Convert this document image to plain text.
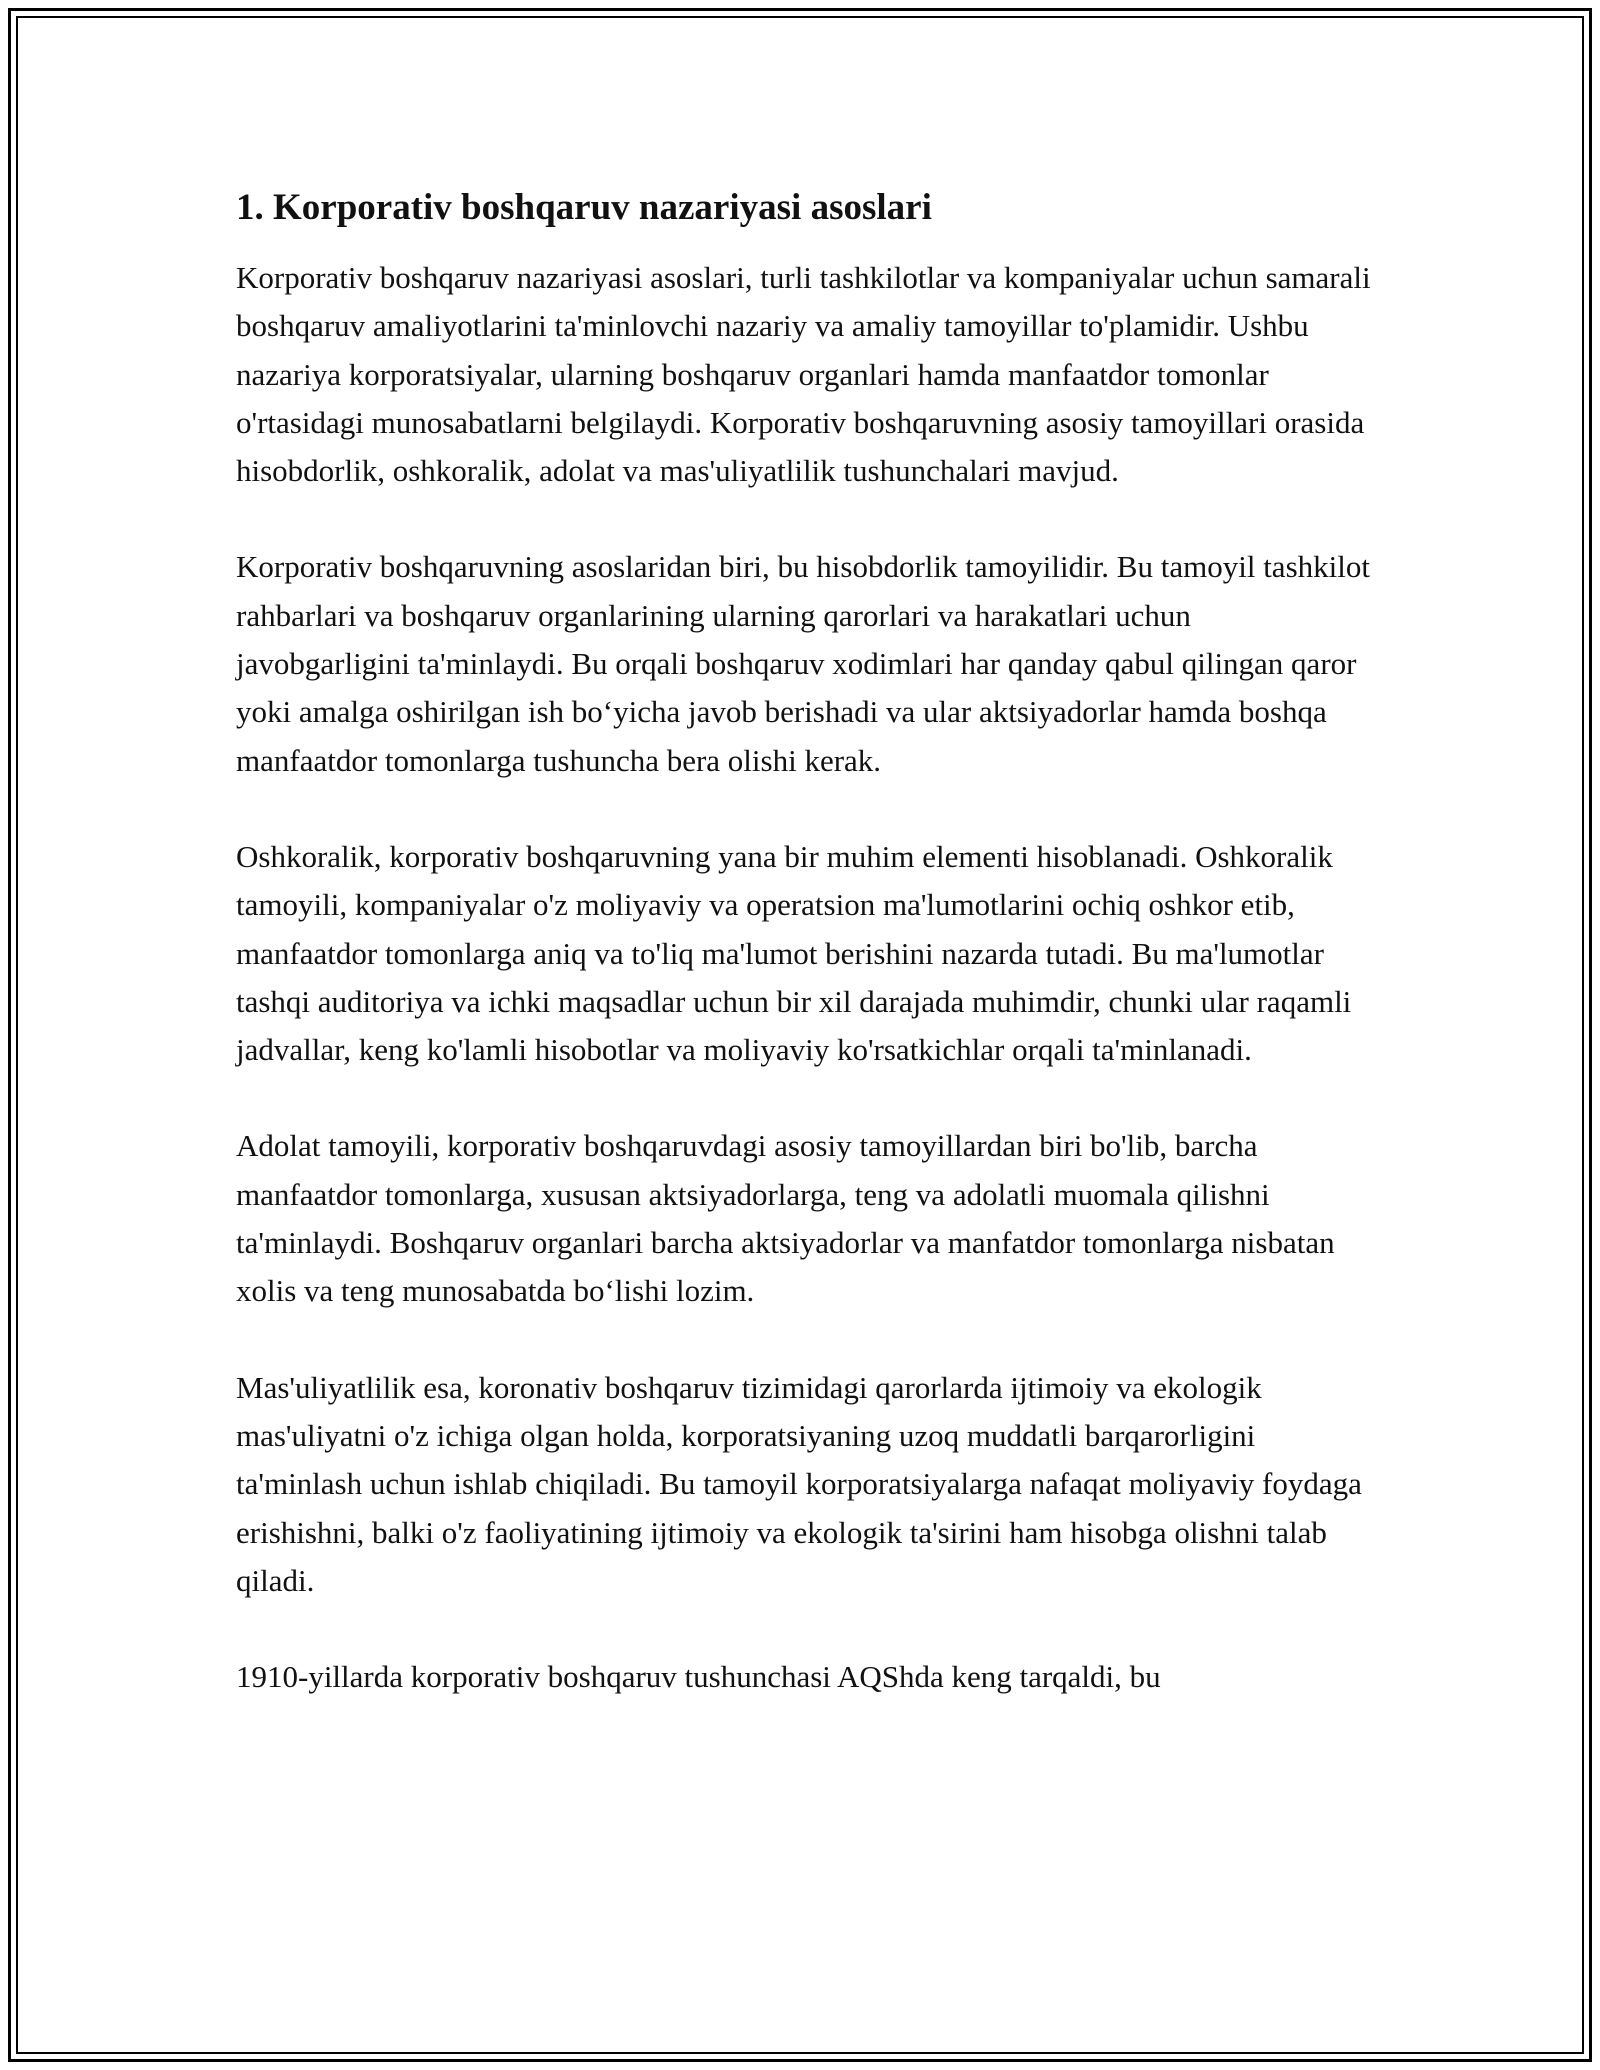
1. Korporativ boshqaruv nazariyasi asoslari

Korporativ boshqaruv nazariyasi asoslari, turli tashkilotlar va kompaniyalar uchun samarali boshqaruv amaliyotlarini ta'minlovchi nazariy va amaliy tamoyillar to'plamidir. Ushbu nazariya korporatsiyalar, ularning boshqaruv organlari hamda manfaatdor tomonlar o'rtasidagi munosabatlarni belgilaydi. Korporativ boshqaruvning asosiy tamoyillari orasida hisobdorlik, oshkoralik, adolat va mas'uliyatlilik tushunchalari mavjud.

Korporativ boshqaruvning asoslaridan biri, bu hisobdorlik tamoyilidir. Bu tamoyil tashkilot rahbarlari va boshqaruv organlarining ularning qarorlari va harakatlari uchun javobgarligini ta'minlaydi. Bu orqali boshqaruv xodimlari har qanday qabul qilingan qaror yoki amalga oshirilgan ish bo‘yicha javob berishadi va ular aktsiyadorlar hamda boshqa manfaatdor tomonlarga tushuncha bera olishi kerak.

Oshkoralik, korporativ boshqaruvning yana bir muhim elementi hisoblanadi. Oshkoralik tamoyili, kompaniyalar o'z moliyaviy va operatsion ma'lumotlarini ochiq oshkor etib, manfaatdor tomonlarga aniq va to'liq ma'lumot berishini nazarda tutadi. Bu ma'lumotlar tashqi auditoriya va ichki maqsadlar uchun bir xil darajada muhimdir, chunki ular raqamli jadvallar, keng ko'lamli hisobotlar va moliyaviy ko'rsatkichlar orqali ta'minlanadi.

Adolat tamoyili, korporativ boshqaruvdagi asosiy tamoyillardan biri bo'lib, barcha manfaatdor tomonlarga, xususan aktsiyadorlarga, teng va adolatli muomala qilishni ta'minlaydi. Boshqaruv organlari barcha aktsiyadorlar va manfatdor tomonlarga nisbatan xolis va teng munosabatda bo‘lishi lozim.

Mas'uliyatlilik esa, koronativ boshqaruv tizimidagi qarorlarda ijtimoiy va ekologik mas'uliyatni o'z ichiga olgan holda, korporatsiyaning uzoq muddatli barqarorligini ta'minlash uchun ishlab chiqiladi. Bu tamoyil korporatsiyalarga nafaqat moliyaviy foydaga erishishni, balki o'z faoliyatining ijtimoiy va ekologik ta'sirini ham hisobga olishni talab qiladi.

1910-yillarda korporativ boshqaruv tushunchasi AQShda keng tarqaldi, bu
